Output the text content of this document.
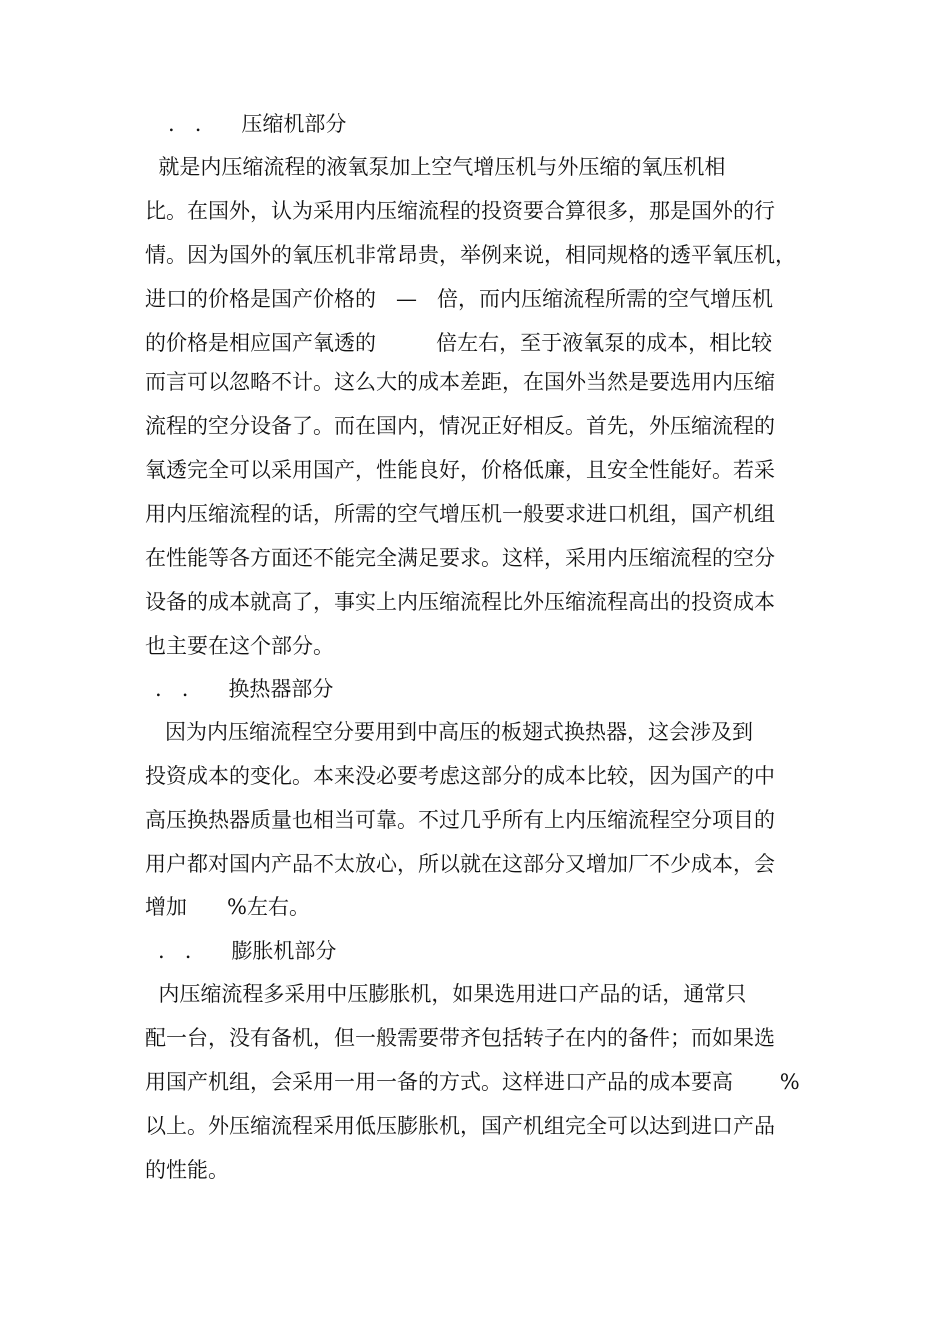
.   .      压缩机部分
就是内压缩流程的液氧泵加上空气增压机与外压缩的氧压机相
比。在国外，认为采用内压缩流程的投资要合算很多，那是国外的行
情。因为国外的氧压机非常昂贵，举例来说，相同规格的透平氧压机，
进口的价格是国产价格的   —   倍，而内压缩流程所需的空气增压机
的价格是相应国产氧透的         倍左右，至于液氧泵的成本，相比较
而言可以忽略不计。这么大的成本差距，在国外当然是要选用内压缩
流程的空分设备了。而在国内，情况正好相反。首先，外压缩流程的
氧透完全可以采用国产，性能良好，价格低廉，且安全性能好。若采
用内压缩流程的话，所需的空气增压机一般要求进口机组，国产机组
在性能等各方面还不能完全满足要求。这样，采用内压缩流程的空分
设备的成本就高了，事实上内压缩流程比外压缩流程高出的投资成本
也主要在这个部分。
.   .      换热器部分
因为内压缩流程空分要用到中高压的板翅式换热器，这会涉及到
投资成本的变化。本来没必要考虑这部分的成本比较，因为国产的中
高压换热器质量也相当可靠。不过几乎所有上内压缩流程空分项目的
用户都对国内产品不太放心，所以就在这部分又增加厂不少成本，会
增加      %左右。
.   .      膨胀机部分
内压缩流程多采用中压膨胀机，如果选用进口产品的话，通常只
配一台，没有备机，但一般需要带齐包括转子在内的备件；而如果选
用国产机组，会采用一用一备的方式。这样进口产品的成本要高       %
以上。外压缩流程采用低压膨胀机，国产机组完全可以达到进口产品
的性能。
